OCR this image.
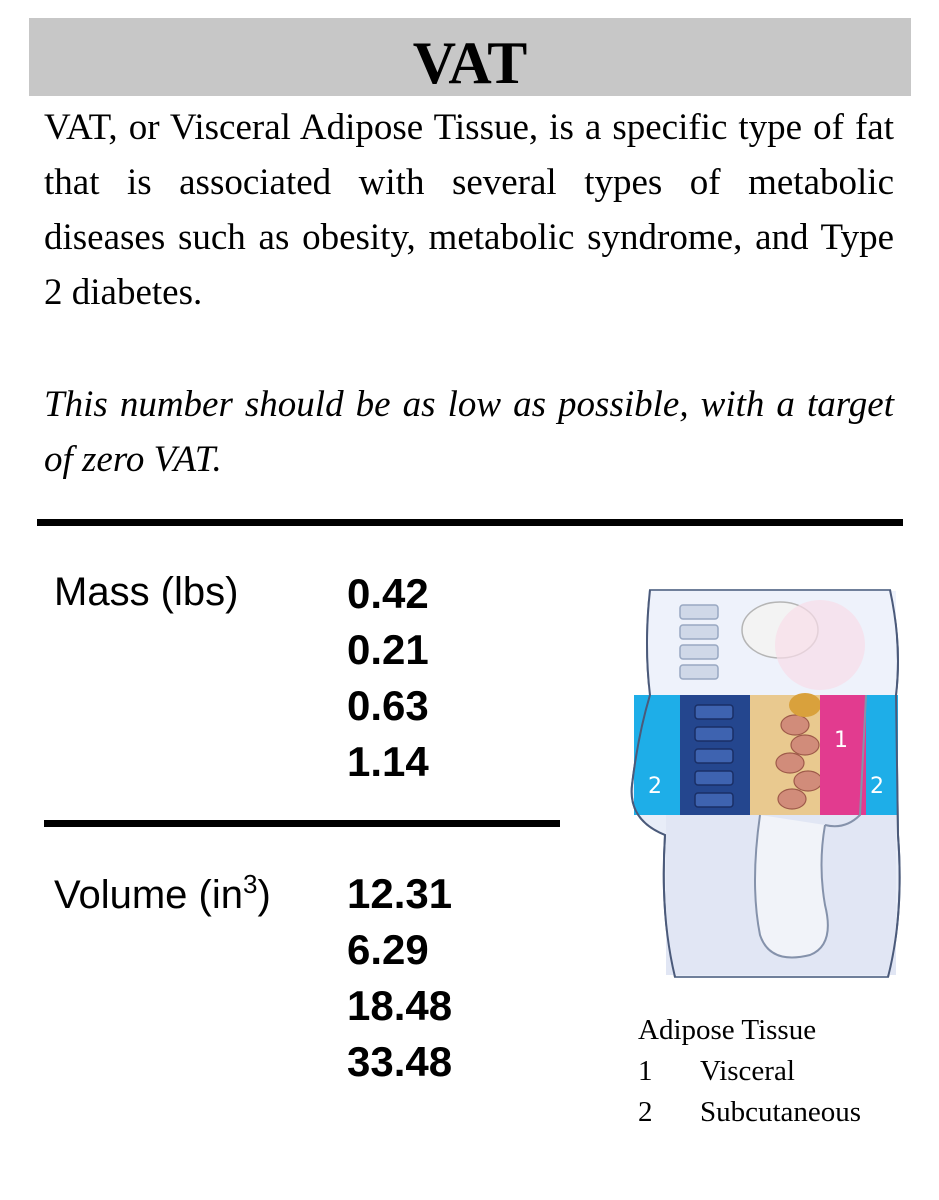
VAT
VAT, or Visceral Adipose Tissue, is a specific type of fat that is associated with several types of metabolic diseases such as obesity, metabolic syndrome, and Type 2 diabetes.
This number should be as low as possible, with a target of zero VAT.
Mass (lbs)	0.42
0.21
0.63
1.14
Volume $(in^3)$ 12.31
6.29
18.48
33.48
1
2	2
Adipose Tissue
1 Visceral
2 Subcutaneous
